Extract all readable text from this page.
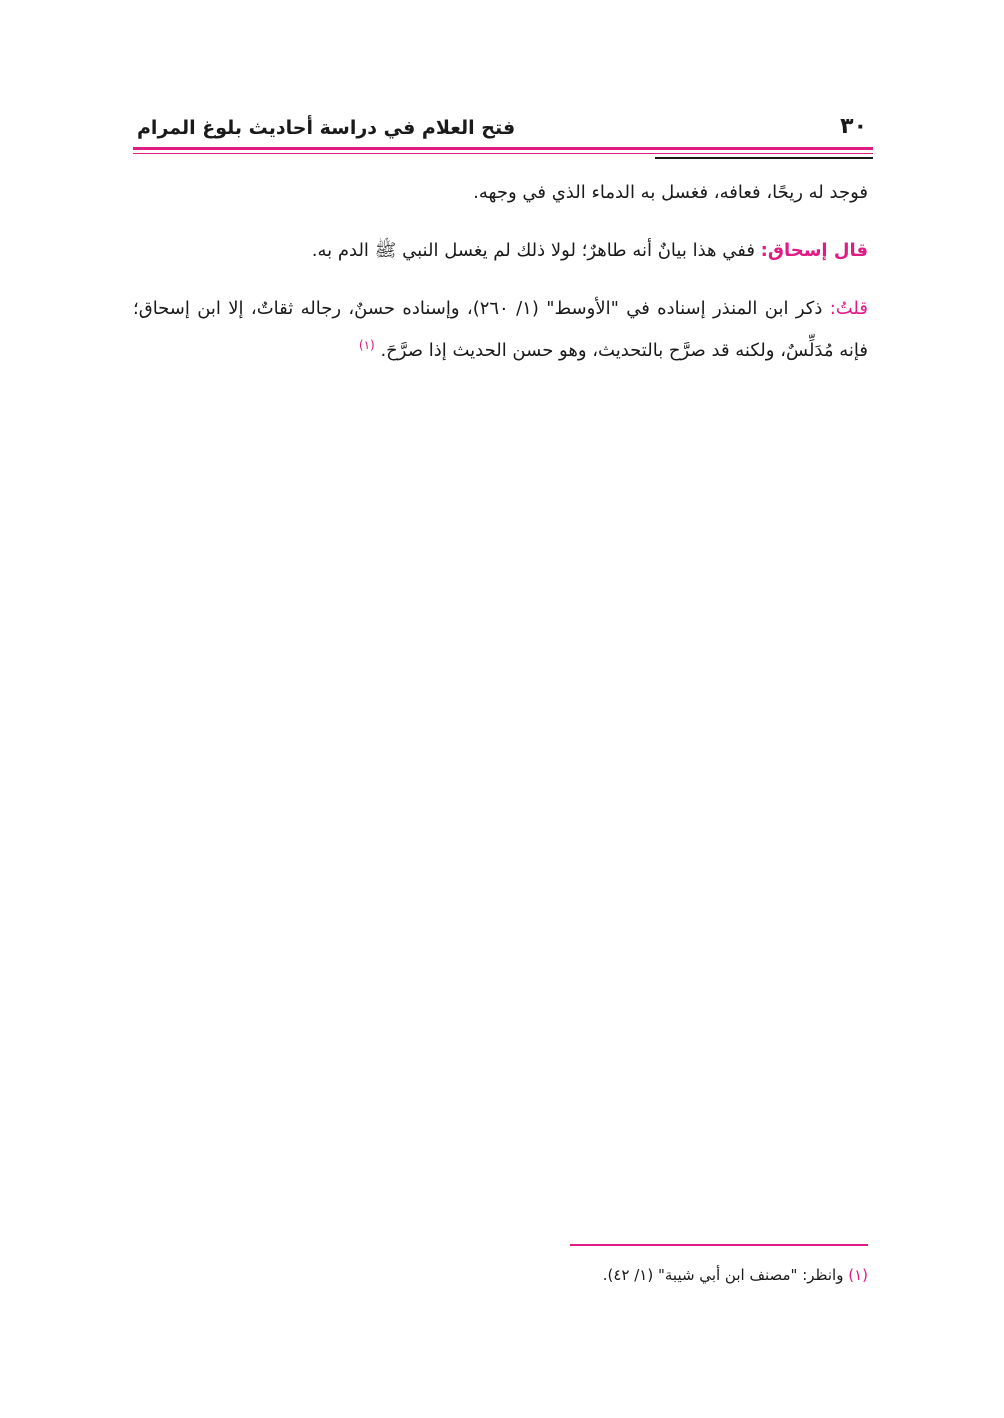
٣٠
فتح العلام في دراسة أحاديث بلوغ المرام

فوجد له ريحًا، فعافه، فغسل به الدماء الذي في وجهه.

قال إسحاق: ففي هذا بيانٌ أنه طاهرٌ؛ لولا ذلك لم يغسل النبي ﷺ الدم به.

قلتُ: ذكر ابن المنذر إسناده في "الأوسط" (١/ ٢٦٠)، وإسناده حسنٌ، رجاله ثقاتٌ، إلا ابن إسحاق؛ فإنه مُدَلِّسٌ، ولكنه قد صرَّح بالتحديث، وهو حسن الحديث إذا صرَّحَ. $^{(١)}$

(١) وانظر: "مصنف ابن أبي شيبة" (١/ ٤٢).
